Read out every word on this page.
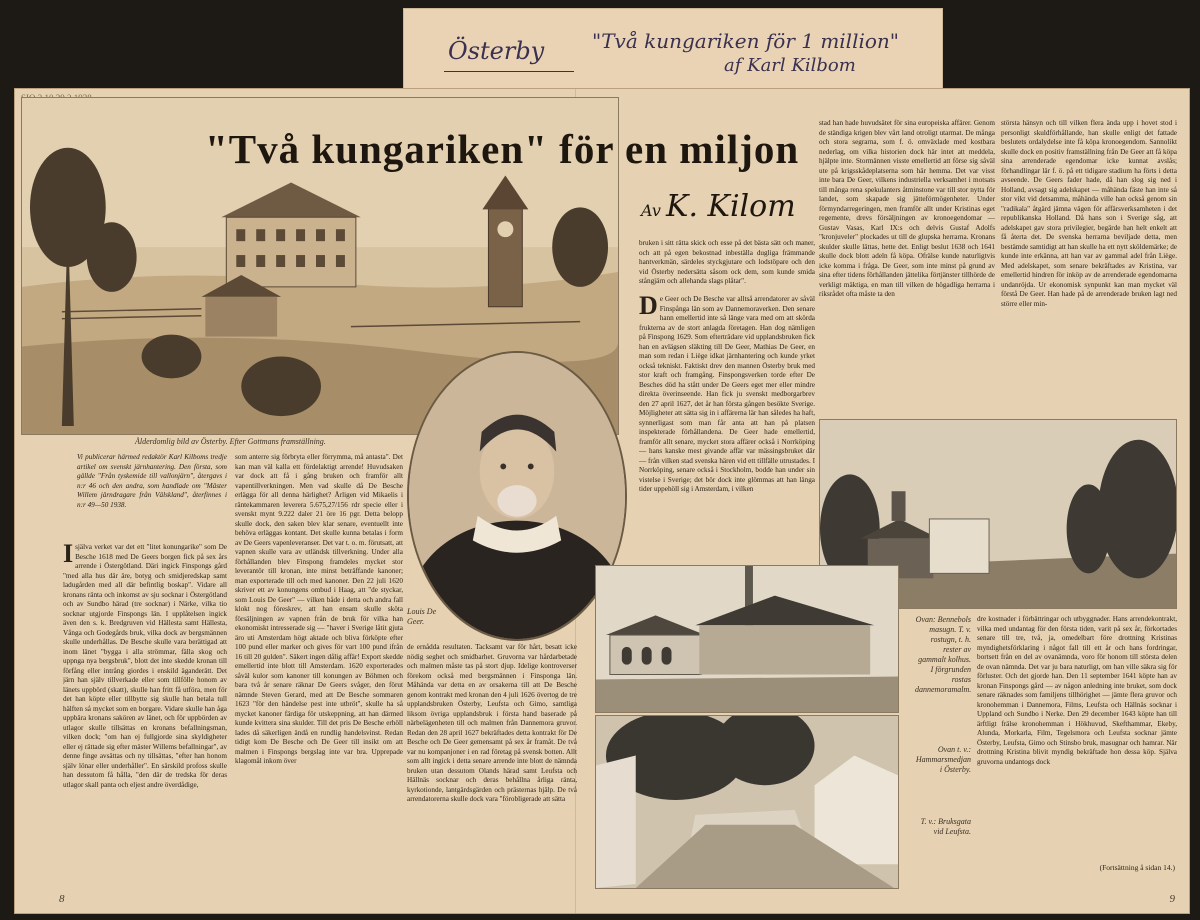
Österby "Två kungariken för 1 million"
af Karl Kilbom
Ålderdomlig bild av Österby. Efter Gottmans framställning.
"Två kungariken" för en miljon
Av K. Kilom
Louis De Geer.
Vi publicerar härmed redaktör Karl Kilboms tredje artikel om svenskt järnhantering. Den första, som gällde "Från tyskemide till vallonjärn", återgavs i n:r 46 och den andra, som handlade om "Mäster Willem järndragare från Välskland", återfinnes i n:r 49—50 1938.
I själva verket var det ett "litet konungarike" som De Besche 1618 med De Geers borgen fick på sex års arrende i Östergötland. Däri ingick Finspongs gård "med alla hus där äre, botyg och smidjeredskap samt ladugården med all där befintlig boskap". Vidare all kronans ränta och inkomst av sju socknar i Östergötland och av Sundbo härad (tre socknar) i Närke, vilka tio socknar utgjorde Finspongs län. I upplåtelsen ingick även den s. k. Bredgruven vid Hällesta samt Hällesta, Vånga och Godegårds bruk, vilka dock av bergsmännen skulle underhållas. De Besche skulle vara berättigad att inom länet "bygga i alla strömmar, fälla skog och uppnga nya bergsbruk", blott det inte skedde kronan till förfång eller intrång giordes i enskild äganderätt. Det järn han själv tillverkade eller som tillfölle honom av länets uppbörd (skatt), skulle han fritt få utföra, men för det han köpte eller tillbytte sig skulle han betala tull hälften så mycket som en borgare. Vidare skulle han åga uppbära kronans sakören av länet, och för uppbörden av utlagor skulle tillsättas en kronans befallningsman, vilken dock; "om han ej fullgjorde sina skyldigheter eller ej rättade sig efter mäster Willems befallningar", av denne finge avsättas och ny tillsättas, "efter han honom själv lönar eller underhåller". En särskild profoss skulle han dessutom få hålla, "den där de tredska för deras utlagor skall panta och eljest andre överdådige,
som anterre sig förbryta eller förrymma, må antasta". Det kan man väl kalla ett fördelaktigt arrende! Huvudsaken var dock att få i gång bruken och framför allt vapentillverkningen. Men vad skulle då De Besche erlägga för all denna härlighet? Årligen vid Mikaelis i räntekammaren leverera 5.675,27/156 rdr specie eller i svenskt mynt 9.222 daler 21 öre 16 pgr. Detta belopp skulle dock, den saken blev klar senare, eventuellt inte behöva erläggas kontant. Det skulle kunna betalas i form av De Geers vapenleveranser. Det var t. o. m. förutsatt, att vapnen skulle vara av utländsk tillverkning. Under alla förhållanden blev Finspong framdeles mycket stor leverantör till kronan, inte minst beträffande kanoner; man exporterade till och med kanoner. Den 22 juli 1620 skriver ett av konungens ombud i Haag, att "de styckar, som Louis De Geer" — vilken både i detta och andra fall klokt nog föreskrev, att han ensam skulle sköta försäljningen av vapnen från de bruk för vilka han ekonomiskt intresserade sig — "haver i Sverige låtit gjuta äro uti Amsterdam högt aktade och bliva förköpte efter 100 pund eller marker och gives för vart 100 pund ifrån 16 till 20 gulden". Säkert ingen dålig affär! Export skedde emellertid inte blott till Amsterdam. 1620 exporterades såväl kulor som kanoner till konungen av Böhmen och bara två år senare räknar De Geers svåger, den förut nämnde Steven Gerard, med att De Besche sommaren 1623 "för den händelse pest inte utbröt", skulle ha så mycket kanoner färdiga för utskeppning, att han därmed kunde kvittera sina skulder. Till det pris De Besche erhöll lades då säkerligen ändå en rundlig handelsvinst. Redan tidigt kom De Besche och De Geer till insikt om att malmen i Finspongs bergslag inte var bra. Upprepade klagomål inkom över
de ernådda resultaten. Tacksamt var för hårt, besatt icke nödig seghet och smidbarhet. Gruvorna var hårdarbetade och malmen måste tas på stort djup. Idelige kontroverser förekom också med bergsmännen i Finsponga län. Måhända var detta en av orsakerna till att De Besche genom kontrakt med kronan den 4 juli 1626 övertog de tre upplandsbruken Österby, Leufsta och Gimo, samtliga liksom övriga upplandsbruk i första hand baserade på närbelägenheten till och malmen från Dannemora gruvor. Redan den 28 april 1627 bekräftades detta kontrakt för De Besche och De Geer gemensamt på sex år framåt. De två var nu kompanjoner i en rad företag på svensk botten. Allt som allt ingick i detta senare arrende inte blott de nämnda bruken utan dessutom Olands härad samt Leufsta och Hällnäs socknar och deras behållna årliga ränta, kyrkotionde, lantgärdsgärden och prästernas hjälp. De två arrendatorerna skulle dock vara "förobligerade att sätta
8
bruken i sitt rätta skick och esse på det bästa sätt och maner, och att på egen bekostnad inbeställa dugliga främmande hantverkmän, särdeles styckgjutare och lodstöpare och den vid Österby nedersätta såsom ock dem, som kunde smida stångjärn och allehanda slags plåtar".
D e Geer och De Besche var alltså arrendatorer av såväl Finspånga län som av Dannemoraverken. Den senare hann emellertid inte så länge vara med om att skörda frukterna av de stort anlagda företagen. Han dog nämligen på Finspong 1629. Som efterträdare vid upplandsbruken fick han en avlägsen släkting till De Geer, Mathias De Geer, en man som redan i Liège idkat järnhantering och kunde yrket också tekniskt. Faktiskt drev den mannen Österby bruk med stor kraft och framgång. Finspongsverken torde efter De Besches död ha stått under De Geers eget mer eller mindre direkta överinseende. Han fick ju svenskt medborgarbrev den 27 april 1627, det år han första gången besökte Sverige. Möjligheter att sätta sig in i affärerna lär han således ha haft, synnerligast som man får anta att han på platsen inspekterade förhållandena. De Geer hade emellertid, framför allt senare, mycket stora affärer också i Norrköping — hans kanske mest givande affär var mässingsbruket där — från vilken stad svenska hären vid ett tillfälle utrustades. I Norrköping, senare också i Stockholm, bodde han under sin vistelse i Sverige; det bör dock inte glömmas att han länga tider uppehöll sig i Amsterdam, i vilken
stad han hade huvudsätet för sina europeiska affärer. Genom de ständiga krigen blev vårt land otroligt utarmat. De många och stora segrarna, som f. ö. omväxlade med kostbara nederlag, om vilka historien dock här intet att meddela, hjälpte inte. Stormännen visste emellertid att förse sig såväl ute på krigsskådeplatserna som här hemma. Det var visst inte bara De Geer, vilkens industriella verksamhet i motsats till många rena spekulanters åtminstone var till stor nytta för landet, som skapade sig jätteförmögenheter. Under förmyndarregeringen, men framför allt under Kristinas eget regemente, drevs försäljningen av kronoegendomar — Gustav Vasas, Karl IX:s och delvis Gustaf Adolfs "kronjuveler" plockades ut till de glupska herrarna. Kronans skulder skulle lättas, hette det. Enligt beslut 1638 och 1641 skulle dock blott adeln få köpa. Ofrälse kunde naturligtvis icke komma i fråga. De Geer, som inte minst på grund av sina efter tidens förhållanden jättelika förtjänster tillhörde de verkligt mäktiga, en man till vilken de högadliga herrarna i riksrådet ofta måste ta den
största hänsyn och till vilken flera ända upp i hovet stod i personligt skuldförhållande, han skulle enligt det fattade beslutets ordalydelse inte få köpa kronoegendom. Sannolikt skulle dock en positiv framställning från De Geer att få köpa sina arrenderade egendomar icke kunnat avslås; förhandlingar lär f. ö. på ett tidigare stadium ha förts i detta avseende. De Geers fader hade, då han slog sig ned i Holland, avsagt sig adelskapet — måhända fäste han inte så stor vikt vid detsamma, måhända ville han också genom sin "radikala" åtgärd jämna vägen för affärsverksamheten i det republikanska Holland. Då hans son i Sverige såg, att adelskapet gav stora privilegier, begärde han helt enkelt att få återta det. De svenska herrarna beviljade detta, men bestämde samtidigt att han skulle ha ett nytt sköldemärke; de kunde inte erkänna, att han var av gammal adel från Liège. Med adelskapet, som senare bekräftades av Kristina, var emellertid hindren för inköp av de arrenderade egendomarna undanröjda. Ur ekonomisk synpunkt kan man mycket väl förstå De Geer. Han hade på de arrenderade bruken lagt ned större eller min-
Ovan: Bennebols masugn. T. v. rostugn, t. h. rester av gammalt kolhus. I förgrunden rostas dannemoramalm.
Ovan t. v.: Hammarsmedjan i Österby.
T. v.: Bruksgata vid Leufsta.
dre kostnader i förbättringar och utbyggnader. Hans arrendekontrakt, vilka med undantag för den första tiden, varit på sex år, förkortades senare till tre, två, ja, omedelbart före drottning Kristinas myndighetsförklaring i något fall till ett år och hans fordringar, bortsett från en del av ovanämnda, voro för honom till största delen de ovan nämnda. Det var ju bara naturligt, om han ville säkra sig för förluster. Och det gjorde han. Den 11 september 1641 köpte han av kronan Finspongs gård — av någon anledning inte bruket, som dock senare räknades som familjens tillhörighet — jämte flera gruvor och kronohemman i Dannemora, Films, Leufsta och Hällnäs socknar i Uppland och Sundbo i Nerke. Den 29 december 1643 köpte han till ärftligt frälse kronohemman i Hökhuvud, Skefthammar, Ekeby, Alunda, Morkarla, Film, Tegelsmora och Leufsta socknar jämte Österby, Leufsta, Gimo och Stinsbo bruk, masugnar och hamrar. När drottning Kristina blivit myndig bekräftade hon dessa köp. Själva gruvorna undantogs dock
(Fortsättning å sidan 14.)
9
